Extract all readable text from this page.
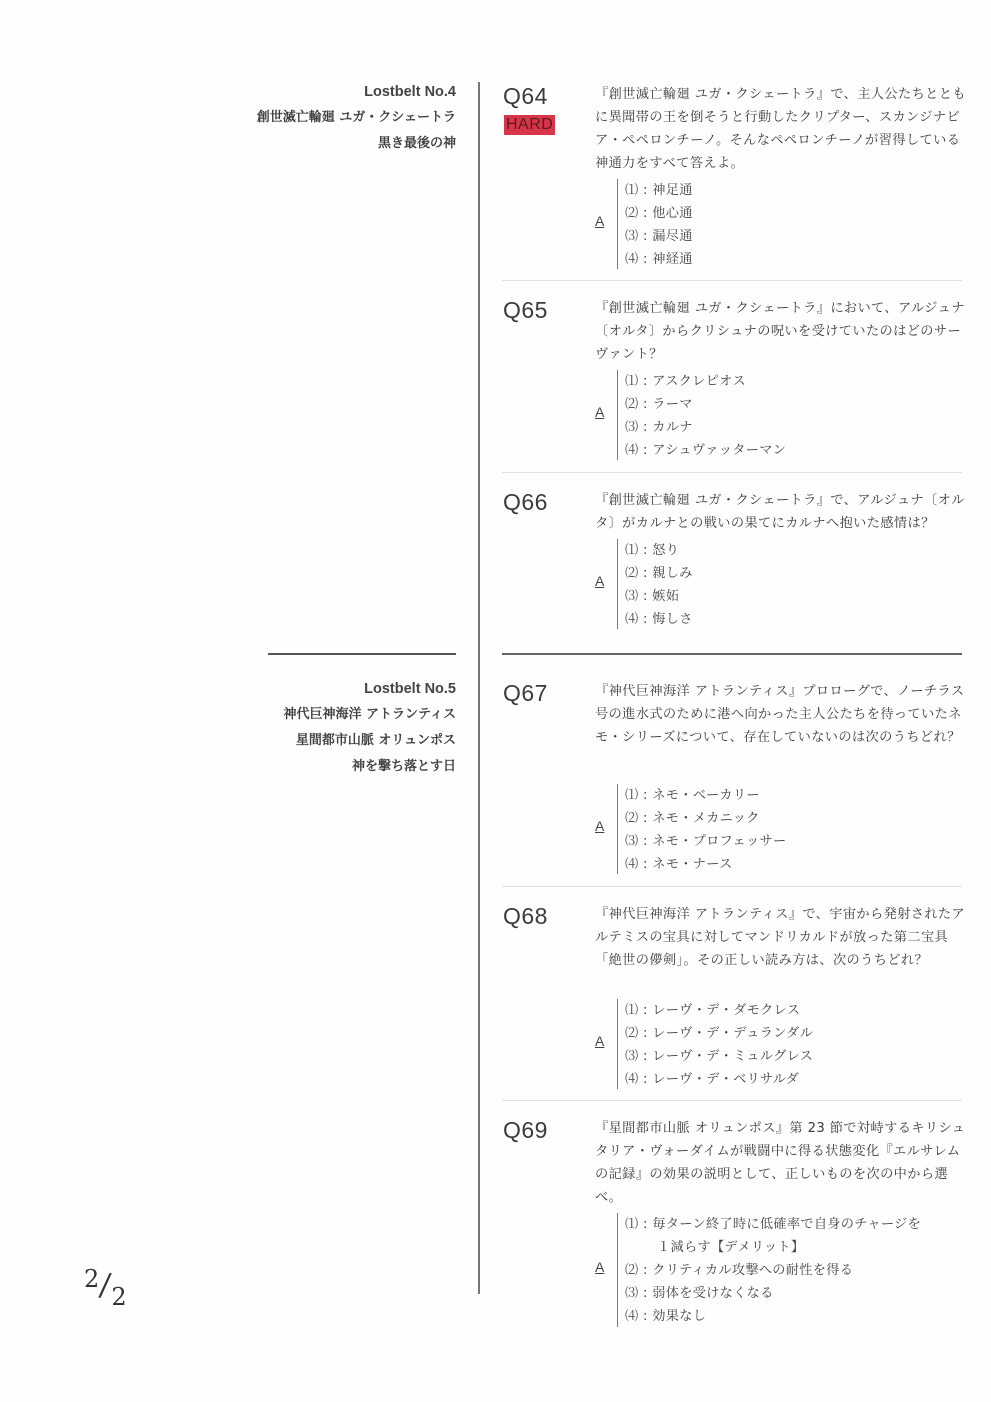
Lostbelt No.4
創世滅亡輪廻 ユガ・クシェートラ
黒き最後の神
Lostbelt No.5
神代巨神海洋 アトランティス
星間都市山脈 オリュンポス
神を撃ち落とす日
Q64
HARD
『創世滅亡輪廻 ユガ・クシェートラ』で、主人公たちとともに異聞帯の王を倒そうと行動したクリプター、スカンジナビア・ペペロンチーノ。そんなペペロンチーノが習得している神通力をすべて答えよ。
A
⑴ : 神足通
⑵ : 他心通
⑶ : 漏尽通
⑷ : 神経通
Q65	『創世滅亡輪廻 ユガ・クシェートラ』において、アルジュナ〔オルタ〕からクリシュナの呪いを受けていたのはどのサーヴァント？
A
⑴ : アスクレピオス
⑵ : ラーマ
⑶ : カルナ
⑷ : アシュヴァッターマン
Q66	『創世滅亡輪廻 ユガ・クシェートラ』で、アルジュナ〔オルタ〕がカルナとの戦いの果てにカルナへ抱いた感情は？
A
⑴ : 怒り
⑵ : 親しみ
⑶ : 嫉妬
⑷ : 悔しさ
Q67	『神代巨神海洋 アトランティス』プロローグで、ノーチラス号の進水式のために港へ向かった主人公たちを待っていたネモ・シリーズについて、存在していないのは次のうちどれ？
A
⑴ : ネモ・ベーカリー
⑵ : ネモ・メカニック
⑶ : ネモ・プロフェッサー
⑷ : ネモ・ナース
Q68	『神代巨神海洋 アトランティス』で、宇宙から発射されたアルテミスの宝具に対してマンドリカルドが放った第二宝具「絶世の儚剣」。その正しい読み方は、次のうちどれ？
A
⑴ : レーヴ・デ・ダモクレス
⑵ : レーヴ・デ・デュランダル
⑶ : レーヴ・デ・ミュルグレス
⑷ : レーヴ・デ・ベリサルダ
Q69	『星間都市山脈 オリュンポス』第 23 節で対峙するキリシュタリア・ヴォーダイムが戦闘中に得る状態変化『エルサレムの記録』の効果の説明として、正しいものを次の中から選べ。
A
⑴ : 毎ターン終了時に低確率で自身のチャージを
１減らす【デメリット】
⑵ : クリティカル攻撃への耐性を得る
⑶ : 弱体を受けなくなる
⑷ : 効果なし
2/2
